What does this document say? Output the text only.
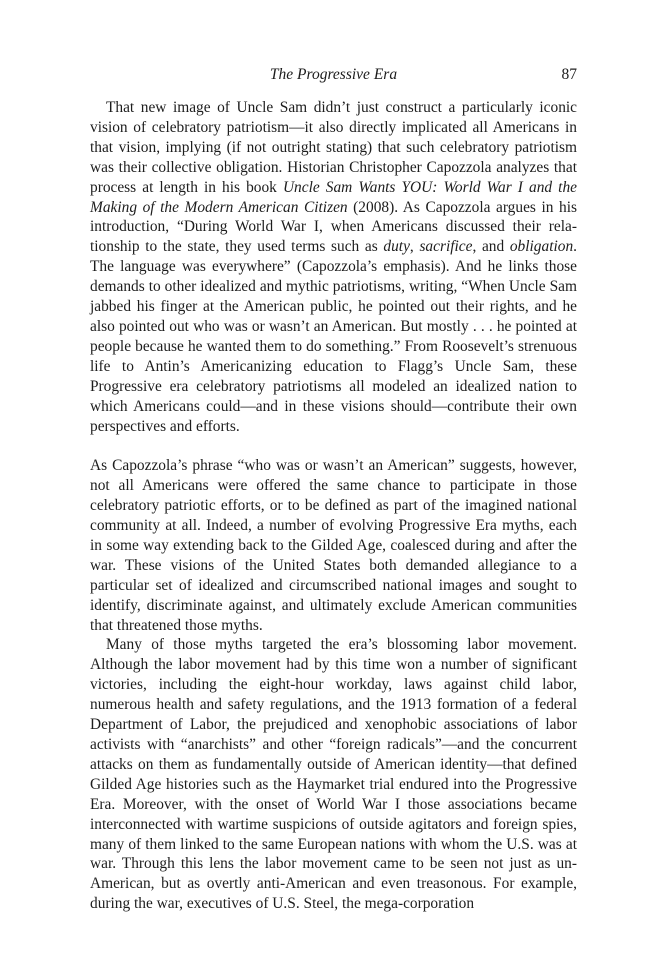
The Progressive Era	87

That new image of Uncle Sam didn’t just construct a particularly iconic vision of celebratory patriotism—it also directly implicated all Americans in that vision, implying (if not outright stating) that such celebratory patriotism was their collective obligation. Historian Christopher Capozzola analyzes that process at length in his book Uncle Sam Wants YOU: World War I and the Making of the Modern American Citizen (2008). As Capozzola argues in his introduction, “During World War I, when Americans discussed their relationship to the state, they used terms such as duty, sacrifice, and obligation. The language was everywhere” (Capozzola’s emphasis). And he links those demands to other idealized and mythic patriotisms, writing, “When Uncle Sam jabbed his finger at the American public, he pointed out their rights, and he also pointed out who was or wasn’t an American. But mostly . . . he pointed at people because he wanted them to do something.” From Roosevelt’s strenuous life to Antin’s Americanizing education to Flagg’s Uncle Sam, these Progressive era celebratory patriotisms all modeled an idealized nation to which Americans could—and in these visions should—contribute their own perspectives and efforts.

As Capozzola’s phrase “who was or wasn’t an American” suggests, however, not all Americans were offered the same chance to participate in those celebratory patriotic efforts, or to be defined as part of the imagined national community at all. Indeed, a number of evolving Progressive Era myths, each in some way extending back to the Gilded Age, coalesced during and after the war. These visions of the United States both demanded allegiance to a particular set of idealized and circumscribed national images and sought to identify, discriminate against, and ultimately exclude American communities that threatened those myths.

Many of those myths targeted the era’s blossoming labor movement. Although the labor movement had by this time won a number of significant victories, including the eight-hour workday, laws against child labor, numerous health and safety regulations, and the 1913 formation of a federal Department of Labor, the prejudiced and xenophobic associations of labor activists with “anarchists” and other “foreign radicals”—and the concurrent attacks on them as fundamentally outside of American identity—that defined Gilded Age histories such as the Haymarket trial endured into the Progressive Era. Moreover, with the onset of World War I those associations became interconnected with wartime suspicions of outside agitators and foreign spies, many of them linked to the same European nations with whom the U.S. was at war. Through this lens the labor movement came to be seen not just as un-American, but as overtly anti-American and even treasonous. For example, during the war, executives of U.S. Steel, the mega-corporation
